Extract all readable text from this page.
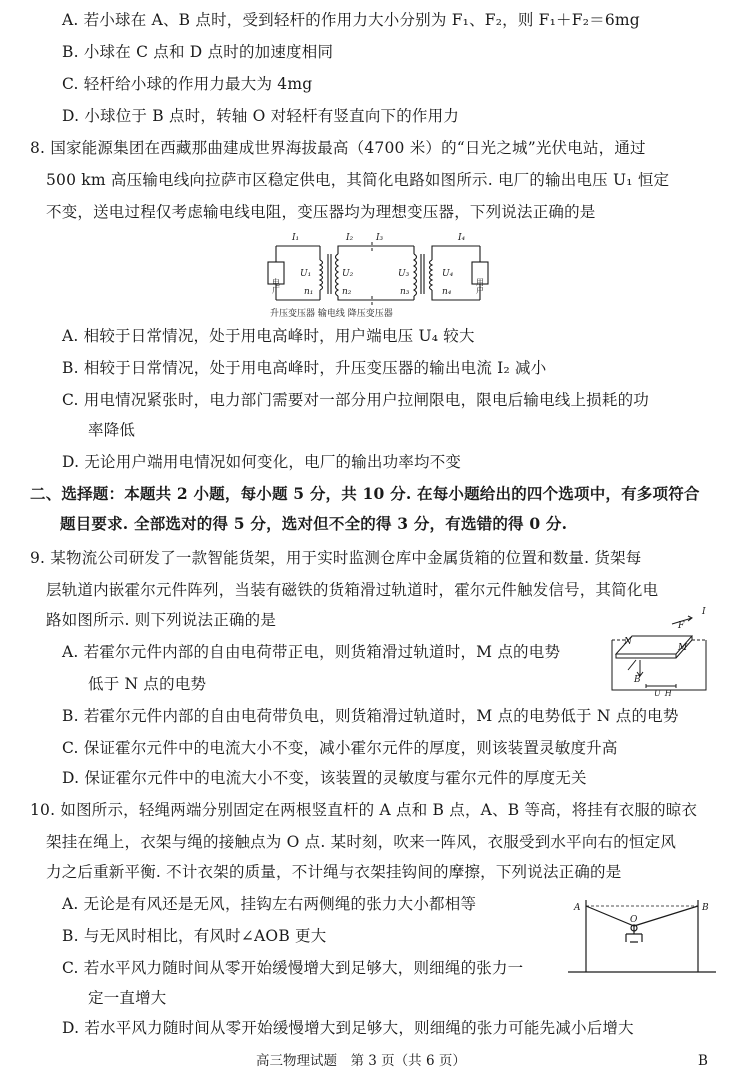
A. 若小球在 A、B 点时，受到轻杆的作用力大小分别为 F₁、F₂，则 F₁＋F₂＝6mg
B. 小球在 C 点和 D 点时的加速度相同
C. 轻杆给小球的作用力最大为 4mg
D. 小球位于 B 点时，转轴 O 对轻杆有竖直向下的作用力
8. 国家能源集团在西藏那曲建成世界海拔最高（4700 米）的“日光之城”光伏电站，通过
500 km 高压输电线向拉萨市区稳定供电，其简化电路如图所示. 电厂的输出电压 U₁ 恒定
不变，送电过程仅考虑输电线电阻，变压器均为理想变压器，下列说法正确的是
电厂	用户
I₁	I₂	I₃	I₄
U₁	U₂	U₃	U₄
n₁	n₂	n₃	n₄
升压变压器 输电线 降压变压器
A. 相较于日常情况，处于用电高峰时，用户端电压 U₄ 较大
B. 相较于日常情况，处于用电高峰时，升压变压器的输出电流 I₂ 减小
C. 用电情况紧张时，电力部门需要对一部分用户拉闸限电，限电后输电线上损耗的功
率降低
D. 无论用户端用电情况如何变化，电厂的输出功率均不变
二、选择题：本题共 2 小题，每小题 5 分，共 10 分. 在每小题给出的四个选项中，有多项符合
题目要求. 全部选对的得 5 分，选对但不全的得 3 分，有选错的得 0 分.
9. 某物流公司研发了一款智能货架，用于实时监测仓库中金属货箱的位置和数量. 货架每
层轨道内嵌霍尔元件阵列，当装有磁铁的货箱滑过轨道时，霍尔元件触发信号，其简化电
路如图所示. 则下列说法正确的是
N
F
I
M
B
U_H
A. 若霍尔元件内部的自由电荷带正电，则货箱滑过轨道时，M 点的电势
低于 N 点的电势
B. 若霍尔元件内部的自由电荷带负电，则货箱滑过轨道时，M 点的电势低于 N 点的电势
C. 保证霍尔元件中的电流大小不变，减小霍尔元件的厚度，则该装置灵敏度升高
D. 保证霍尔元件中的电流大小不变，该装置的灵敏度与霍尔元件的厚度无关
10. 如图所示，轻绳两端分别固定在两根竖直杆的 A 点和 B 点，A、B 等高，将挂有衣服的晾衣
架挂在绳上，衣架与绳的接触点为 O 点. 某时刻，吹来一阵风，衣服受到水平向右的恒定风
力之后重新平衡. 不计衣架的质量，不计绳与衣架挂钩间的摩擦，下列说法正确的是
A	B
O
A. 无论是有风还是无风，挂钩左右两侧绳的张力大小都相等
B. 与无风时相比，有风时∠AOB 更大
C. 若水平风力随时间从零开始缓慢增大到足够大，则细绳的张力一
定一直增大
D. 若水平风力随时间从零开始缓慢增大到足够大，则细绳的张力可能先减小后增大
高三物理试题　第 3 页（共 6 页）	B
